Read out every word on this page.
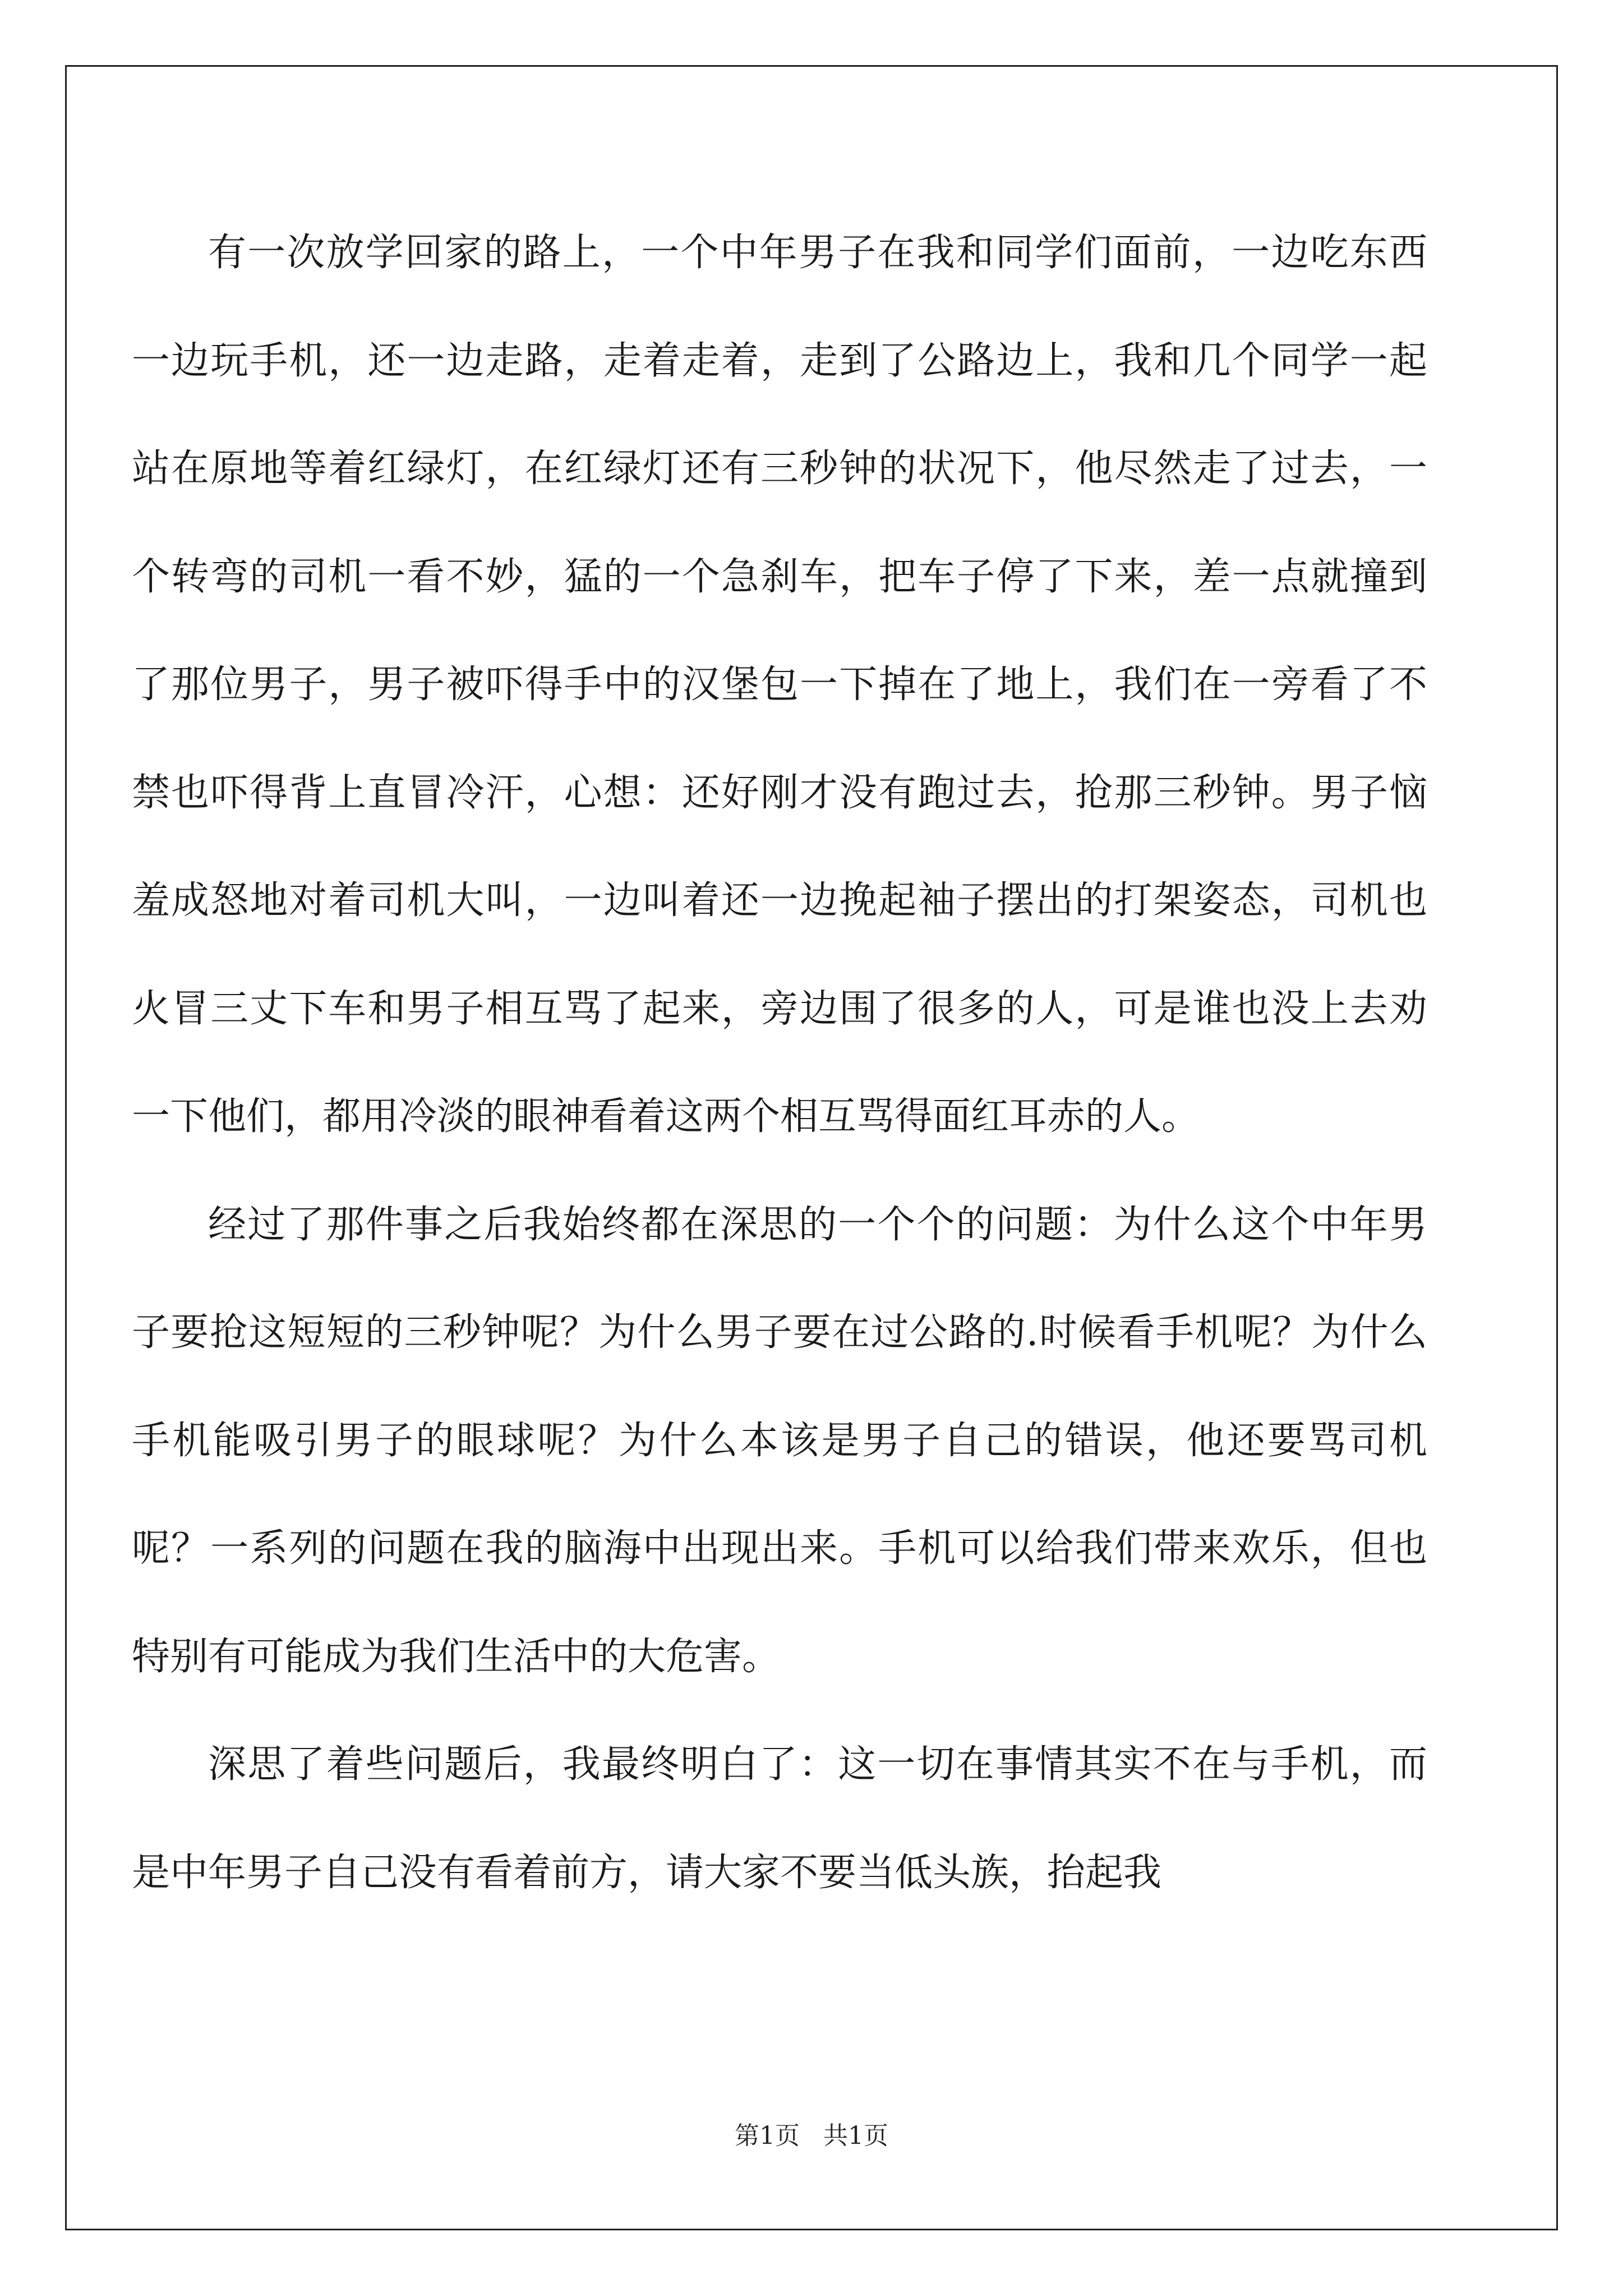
有一次放学回家的路上，一个中年男子在我和同学们面前，一边吃东西一边玩手机，还一边走路，走着走着，走到了公路边上，我和几个同学一起站在原地等着红绿灯，在红绿灯还有三秒钟的状况下，他尽然走了过去，一个转弯的司机一看不妙，猛的一个急刹车，把车子停了下来，差一点就撞到了那位男子，男子被吓得手中的汉堡包一下掉在了地上，我们在一旁看了不禁也吓得背上直冒冷汗，心想：还好刚才没有跑过去，抢那三秒钟。男子恼羞成怒地对着司机大叫，一边叫着还一边挽起袖子摆出的打架姿态，司机也火冒三丈下车和男子相互骂了起来，旁边围了很多的人，可是谁也没上去劝一下他们，都用冷淡的眼神看着这两个相互骂得面红耳赤的人。

经过了那件事之后我始终都在深思的一个个的问题：为什么这个中年男子要抢这短短的三秒钟呢？为什么男子要在过公路的.时候看手机呢？为什么手机能吸引男子的眼球呢？为什么本该是男子自己的错误，他还要骂司机呢？一系列的问题在我的脑海中出现出来。手机可以给我们带来欢乐，但也特别有可能成为我们生活中的大危害。

深思了着些问题后，我最终明白了：这一切在事情其实不在与手机，而是中年男子自己没有看着前方，请大家不要当低头族，抬起我

第1页 共1页
